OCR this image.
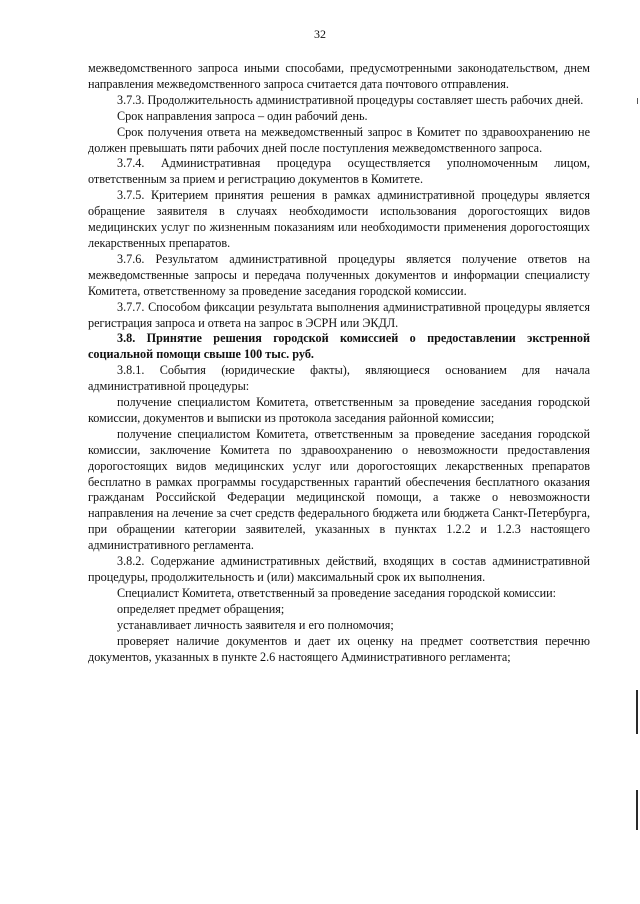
32

межведомственного запроса иными способами, предусмотренными законодательством, днем направления межведомственного запроса считается дата почтового отправления.

3.7.3. Продолжительность административной процедуры составляет шесть рабочих дней.

Срок направления запроса – один рабочий день.

Срок получения ответа на межведомственный запрос в Комитет по здравоохранению не должен превышать пяти рабочих дней после поступления межведомственного запроса.

3.7.4. Административная процедура осуществляется уполномоченным лицом, ответственным за прием и регистрацию документов в Комитете.

3.7.5. Критерием принятия решения в рамках административной процедуры является обращение заявителя в случаях необходимости использования дорогостоящих видов медицинских услуг по жизненным показаниям или необходимости применения дорогостоящих лекарственных препаратов.

3.7.6. Результатом административной процедуры является получение ответов на межведомственные запросы и передача полученных документов и информации специалисту Комитета, ответственному за проведение заседания городской комиссии.

3.7.7. Способом фиксации результата выполнения административной процедуры является регистрация запроса и ответа на запрос в ЭСРН или ЭКДЛ.

3.8. Принятие решения городской комиссией о предоставлении экстренной социальной помощи свыше 100 тыс. руб.

3.8.1. События (юридические факты), являющиеся основанием для начала административной процедуры:

получение специалистом Комитета, ответственным за проведение заседания городской комиссии, документов и выписки из протокола заседания районной комиссии;

получение специалистом Комитета, ответственным за проведение заседания городской комиссии, заключение Комитета по здравоохранению о невозможности предоставления дорогостоящих видов медицинских услуг или дорогостоящих лекарственных препаратов бесплатно в рамках программы государственных гарантий обеспечения бесплатного оказания гражданам Российской Федерации медицинской помощи, а также о невозможности направления на лечение за счет средств федерального бюджета или бюджета Санкт-Петербурга, при обращении категории заявителей, указанных в пунктах 1.2.2 и 1.2.3 настоящего административного регламента.

3.8.2. Содержание административных действий, входящих в состав административной процедуры, продолжительность и (или) максимальный срок их выполнения.

Специалист Комитета, ответственный за проведение заседания городской комиссии:

определяет предмет обращения;

устанавливает личность заявителя и его полномочия;

проверяет наличие документов и дает их оценку на предмет соответствия перечню документов, указанных в пункте 2.6 настоящего Административного регламента;
